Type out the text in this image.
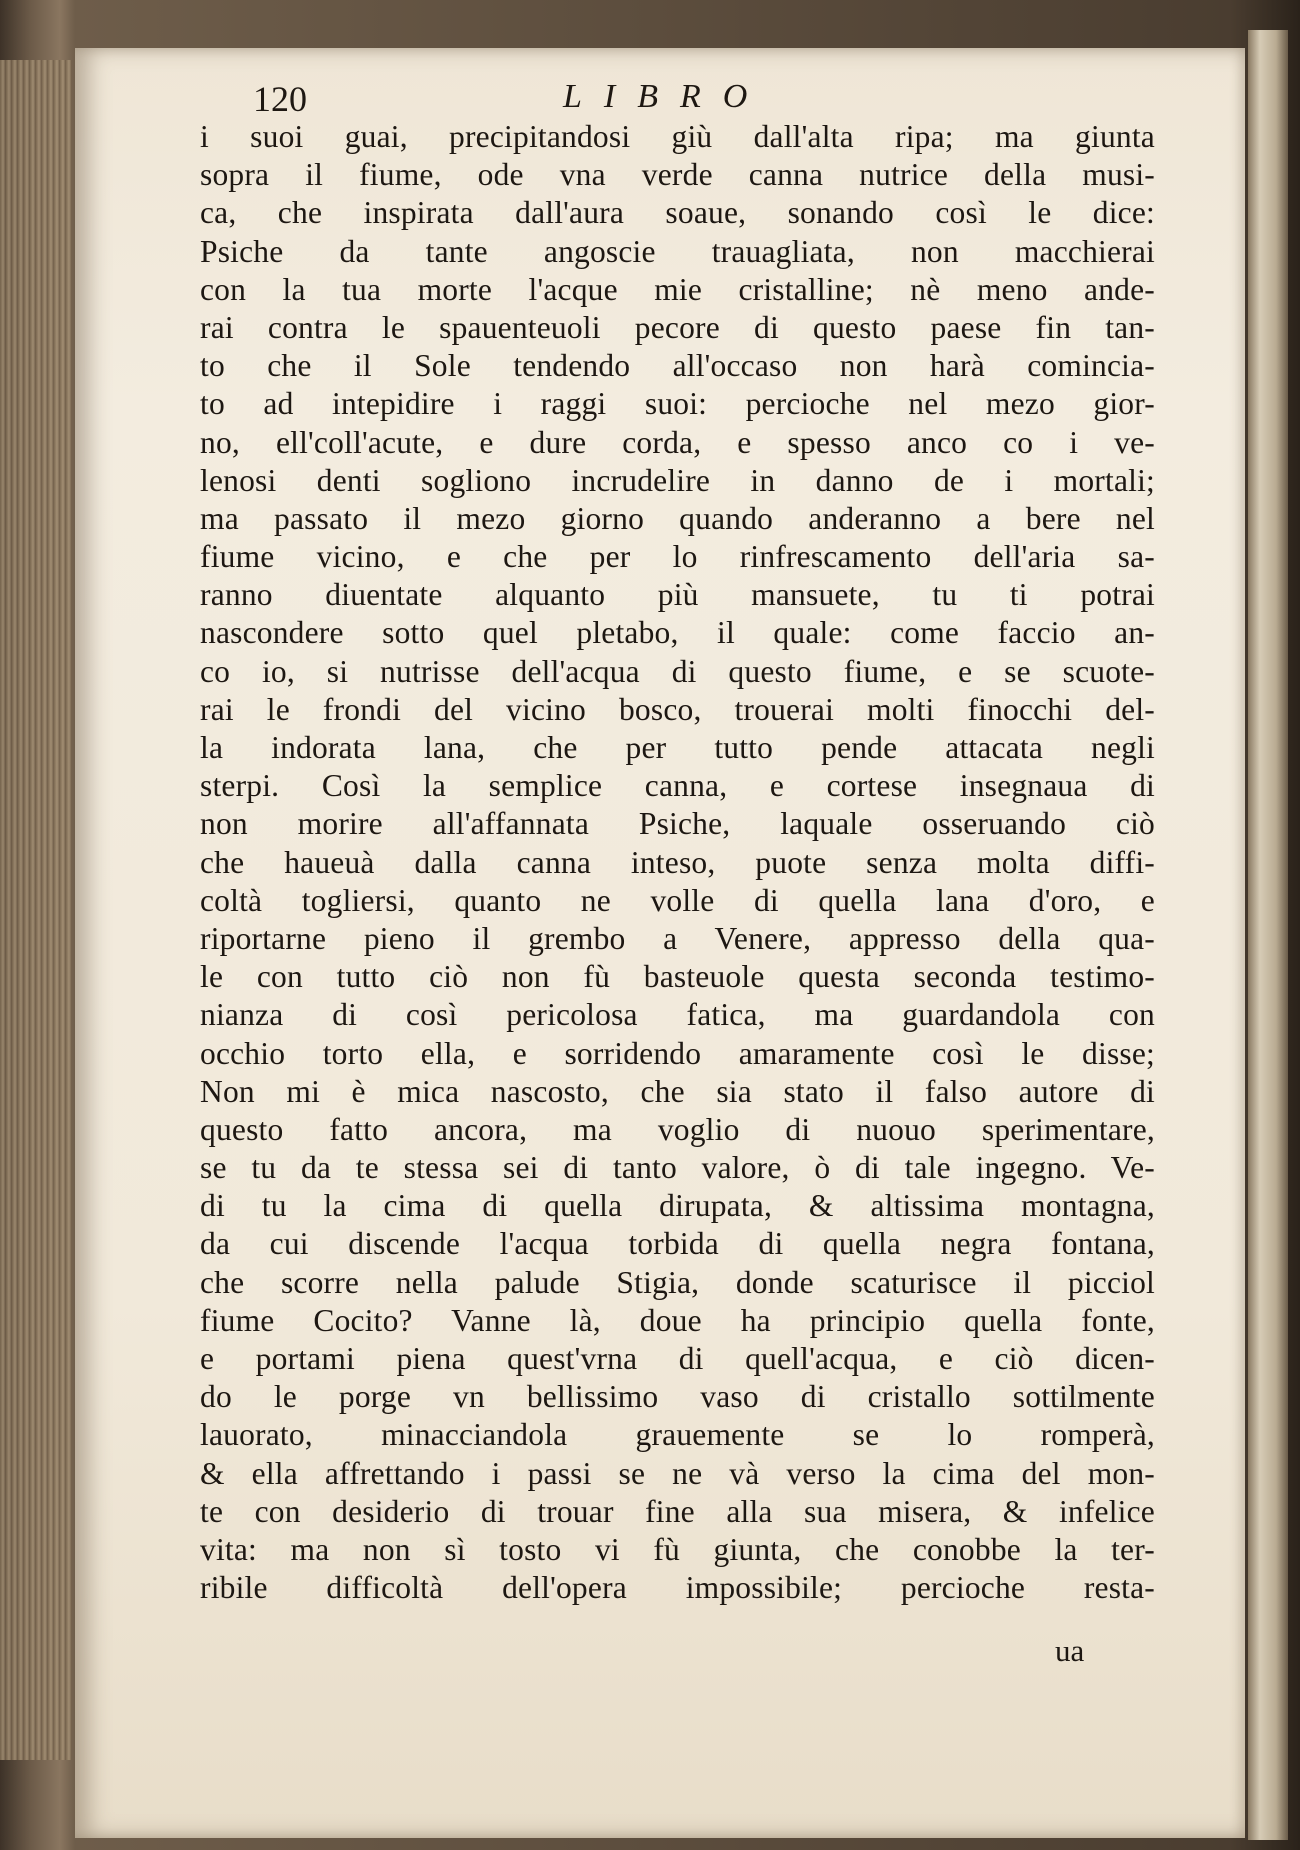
120	LIBRO
i suoi guai, precipitandosi giù dall'alta ripa; ma giunta
sopra il fiume, ode vna verde canna nutrice della musi-
ca, che inspirata dall'aura soaue, sonando così le dice:
Psiche da tante angoscie trauagliata, non macchierai
con la tua morte l'acque mie cristalline; nè meno ande-
rai contra le spauenteuoli pecore di questo paese fin tan-
to che il Sole tendendo all'occaso non harà comincia-
to ad intepidire i raggi suoi: percioche nel mezo gior-
no, ell'coll'acute, e dure corda, e spesso anco co i ve-
lenosi denti sogliono incrudelire in danno de i mortali;
ma passato il mezo giorno quando anderanno a bere nel
fiume vicino, e che per lo rinfrescamento dell'aria sa-
ranno diuentate alquanto più mansuete, tu ti potrai
nascondere sotto quel pletabo, il quale: come faccio an-
co io, si nutrisse dell'acqua di questo fiume, e se scuote-
rai le frondi del vicino bosco, trouerai molti finocchi del-
la indorata lana, che per tutto pende attacata negli
sterpi. Così la semplice canna, e cortese insegnaua di
non morire all'affannata Psiche, laquale osseruando ciò
che haueuà dalla canna inteso, puote senza molta diffi-
coltà togliersi, quanto ne volle di quella lana d'oro, e
riportarne pieno il grembo a Venere, appresso della qua-
le con tutto ciò non fù basteuole questa seconda testimo-
nianza di così pericolosa fatica, ma guardandola con
occhio torto ella, e sorridendo amaramente così le disse;
Non mi è mica nascosto, che sia stato il falso autore di
questo fatto ancora, ma voglio di nuouo sperimentare,
se tu da te stessa sei di tanto valore, ò di tale ingegno. Ve-
di tu la cima di quella dirupata, & altissima montagna,
da cui discende l'acqua torbida di quella negra fontana,
che scorre nella palude Stigia, donde scaturisce il picciol
fiume Cocito? Vanne là, doue ha principio quella fonte,
e portami piena quest'vrna di quell'acqua, e ciò dicen-
do le porge vn bellissimo vaso di cristallo sottilmente
lauorato, minacciandola grauemente se lo romperà,
& ella affrettando i passi se ne và verso la cima del mon-
te con desiderio di trouar fine alla sua misera, & infelice
vita: ma non sì tosto vi fù giunta, che conobbe la ter-
ribile difficoltà dell'opera impossibile; percioche resta-
ua
